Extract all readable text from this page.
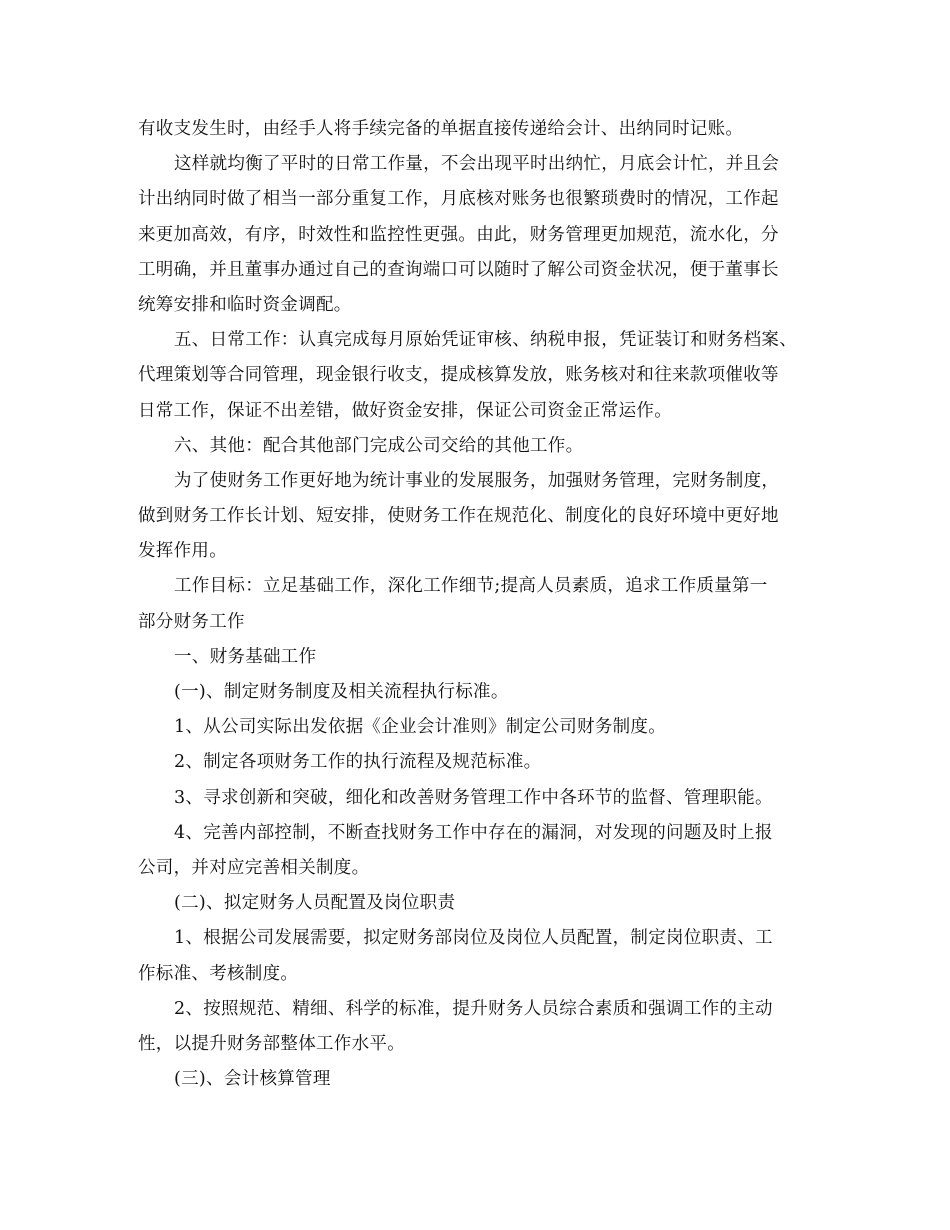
有收支发生时，由经手人将手续完备的单据直接传递给会计、出纳同时记账。
这样就均衡了平时的日常工作量，不会出现平时出纳忙，月底会计忙，并且会
计出纳同时做了相当一部分重复工作，月底核对账务也很繁琐费时的情况，工作起
来更加高效，有序，时效性和监控性更强。由此，财务管理更加规范，流水化，分
工明确，并且董事办通过自己的查询端口可以随时了解公司资金状况，便于董事长
统筹安排和临时资金调配。
五、日常工作：认真完成每月原始凭证审核、纳税申报，凭证装订和财务档案、
代理策划等合同管理，现金银行收支，提成核算发放，账务核对和往来款项催收等
日常工作，保证不出差错，做好资金安排，保证公司资金正常运作。
六、其他：配合其他部门完成公司交给的其他工作。
为了使财务工作更好地为统计事业的发展服务，加强财务管理，完财务制度，
做到财务工作长计划、短安排，使财务工作在规范化、制度化的良好环境中更好地
发挥作用。
工作目标：立足基础工作，深化工作细节;提高人员素质，追求工作质量第一
部分财务工作
一、财务基础工作
(一)、制定财务制度及相关流程执行标准。
1、从公司实际出发依据《企业会计准则》制定公司财务制度。
2、制定各项财务工作的执行流程及规范标准。
3、寻求创新和突破，细化和改善财务管理工作中各环节的监督、管理职能。
4、完善内部控制，不断查找财务工作中存在的漏洞，对发现的问题及时上报
公司，并对应完善相关制度。
(二)、拟定财务人员配置及岗位职责
1、根据公司发展需要，拟定财务部岗位及岗位人员配置，制定岗位职责、工
作标准、考核制度。
2、按照规范、精细、科学的标准，提升财务人员综合素质和强调工作的主动
性，以提升财务部整体工作水平。
(三)、会计核算管理
